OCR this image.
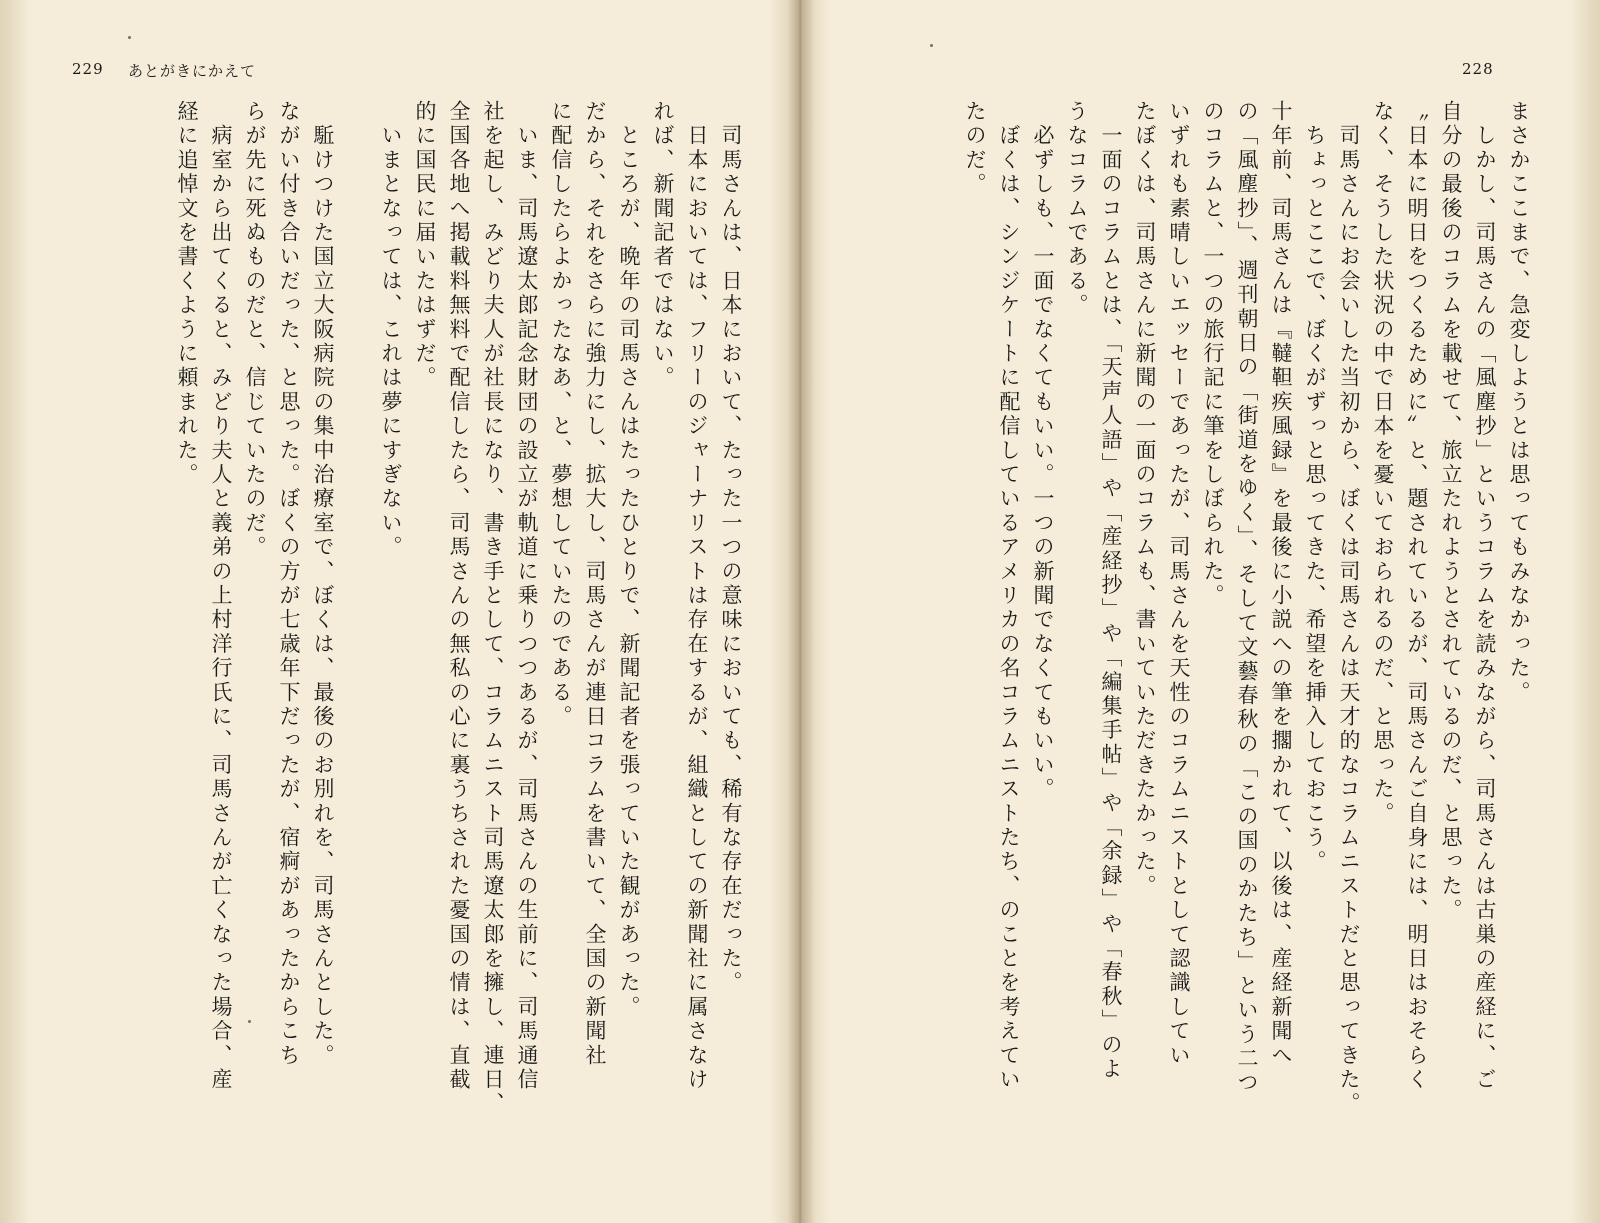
229 あとがきにかえて	228
　司馬さんは、日本において、たった一つの意味においても、稀有な存在だった。
　日本においては、フリーのジャーナリストは存在するが、組織としての新聞社に属さなけ
れば、新聞記者ではない。
　ところが、晩年の司馬さんはたったひとりで、新聞記者を張っていた観があった。
だから、それをさらに強力にし、拡大し、司馬さんが連日コラムを書いて、全国の新聞社
に配信したらよかったなあ、と、夢想していたのである。
　いま、司馬遼太郎記念財団の設立が軌道に乗りつつあるが、司馬さんの生前に、司馬通信
社を起し、みどり夫人が社長になり、書き手として、コラムニスト司馬遼太郎を擁し、連日、
全国各地へ掲載料無料で配信したら、司馬さんの無私の心に裏うちされた憂国の情は、直截
的に国民に届いたはずだ。
　いまとなっては、これは夢にすぎない。

　駈けつけた国立大阪病院の集中治療室で、ぼくは、最後のお別れを、司馬さんとした。
ながい付き合いだった、と思った。ぼくの方が七歳年下だったが、宿痾があったからこち
らが先に死ぬものだと、信じていたのだ。
　病室から出てくると、みどり夫人と義弟の上村洋行氏に、司馬さんが亡くなった場合、産
経に追悼文を書くように頼まれた。	まさかここまで、急変しようとは思ってもみなかった。
　しかし、司馬さんの「風塵抄」というコラムを読みながら、司馬さんは古巣の産経に、ご
自分の最後のコラムを載せて、旅立たれようとされているのだ、と思った。
〝日本に明日をつくるために〟と、題されているが、司馬さんご自身には、明日はおそらく
なく、そうした状況の中で日本を憂いておられるのだ、と思った。
　司馬さんにお会いした当初から、ぼくは司馬さんは天才的なコラムニストだと思ってきた。
　ちょっとここで、ぼくがずっと思ってきた、希望を挿入しておこう。
十年前、司馬さんは『韃靼疾風録』を最後に小説への筆を擱かれて、以後は、産経新聞へ
の「風塵抄」、週刊朝日の「街道をゆく」、そして文藝春秋の「この国のかたち」という二つ
のコラムと、一つの旅行記に筆をしぼられた。
いずれも素晴しいエッセーであったが、司馬さんを天性のコラムニストとして認識してい
たぼくは、司馬さんに新聞の一面のコラムも、書いていただきたかった。
　一面のコラムとは、「天声人語」や「産経抄」や「編集手帖」や「余録」や「春秋」のよ
うなコラムである。
　必ずしも、一面でなくてもいい。一つの新聞でなくてもいい。
　ぼくは、シンジケートに配信しているアメリカの名コラムニストたち、のことを考えてい
たのだ。
